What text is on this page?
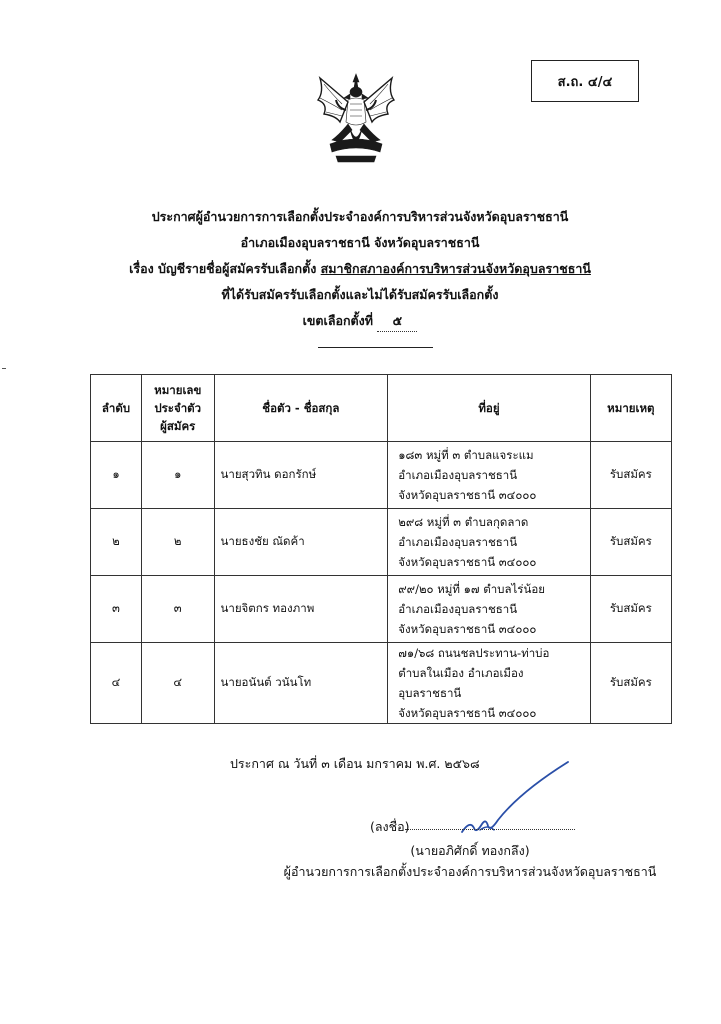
ส.ถ. ๔/๔
ประกาศผู้อำนวยการการเลือกตั้งประจำองค์การบริหารส่วนจังหวัดอุบลราชธานี
อำเภอเมืองอุบลราชธานี จังหวัดอุบลราชธานี
เรื่อง บัญชีรายชื่อผู้สมัครรับเลือกตั้ง สมาชิกสภาองค์การบริหารส่วนจังหวัดอุบลราชธานี
ที่ได้รับสมัครรับเลือกตั้งและไม่ได้รับสมัครรับเลือกตั้ง
เขตเลือกตั้งที่ ๕
ลำดับ	หมายเลข
ประจำตัว
ผู้สมัคร	ชื่อตัว - ชื่อสกุล	ที่อยู่	หมายเหตุ
๑	๑	นายสุวทิน ดอกรักษ์	๑๘๓ หมู่ที่ ๓ ตำบลแจระแม
อำเภอเมืองอุบลราชธานี
จังหวัดอุบลราชธานี ๓๔๐๐๐	รับสมัคร
๒	๒	นายธงชัย ณัดค้า	๒๙๘ หมู่ที่ ๓ ตำบลกุดลาด
อำเภอเมืองอุบลราชธานี
จังหวัดอุบลราชธานี ๓๔๐๐๐	รับสมัคร
๓	๓	นายจิตกร ทองภาพ	๙๙/๒๐ หมู่ที่ ๑๗ ตำบลไร่น้อย
อำเภอเมืองอุบลราชธานี
จังหวัดอุบลราชธานี ๓๔๐๐๐	รับสมัคร
๔	๔	นายอนันต์ วนันโท	๗๑/๖๘ ถนนชลประทาน-ท่าบ่อ
ตำบลในเมือง อำเภอเมืองอุบลราชธานี
จังหวัดอุบลราชธานี ๓๔๐๐๐	รับสมัคร
ประกาศ ณ วันที่ ๓ เดือน มกราคม พ.ศ. ๒๕๖๘
(ลงชื่อ)
(นายอภิศักดิ์ ทองกลึง)
ผู้อำนวยการการเลือกตั้งประจำองค์การบริหารส่วนจังหวัดอุบลราชธานี
